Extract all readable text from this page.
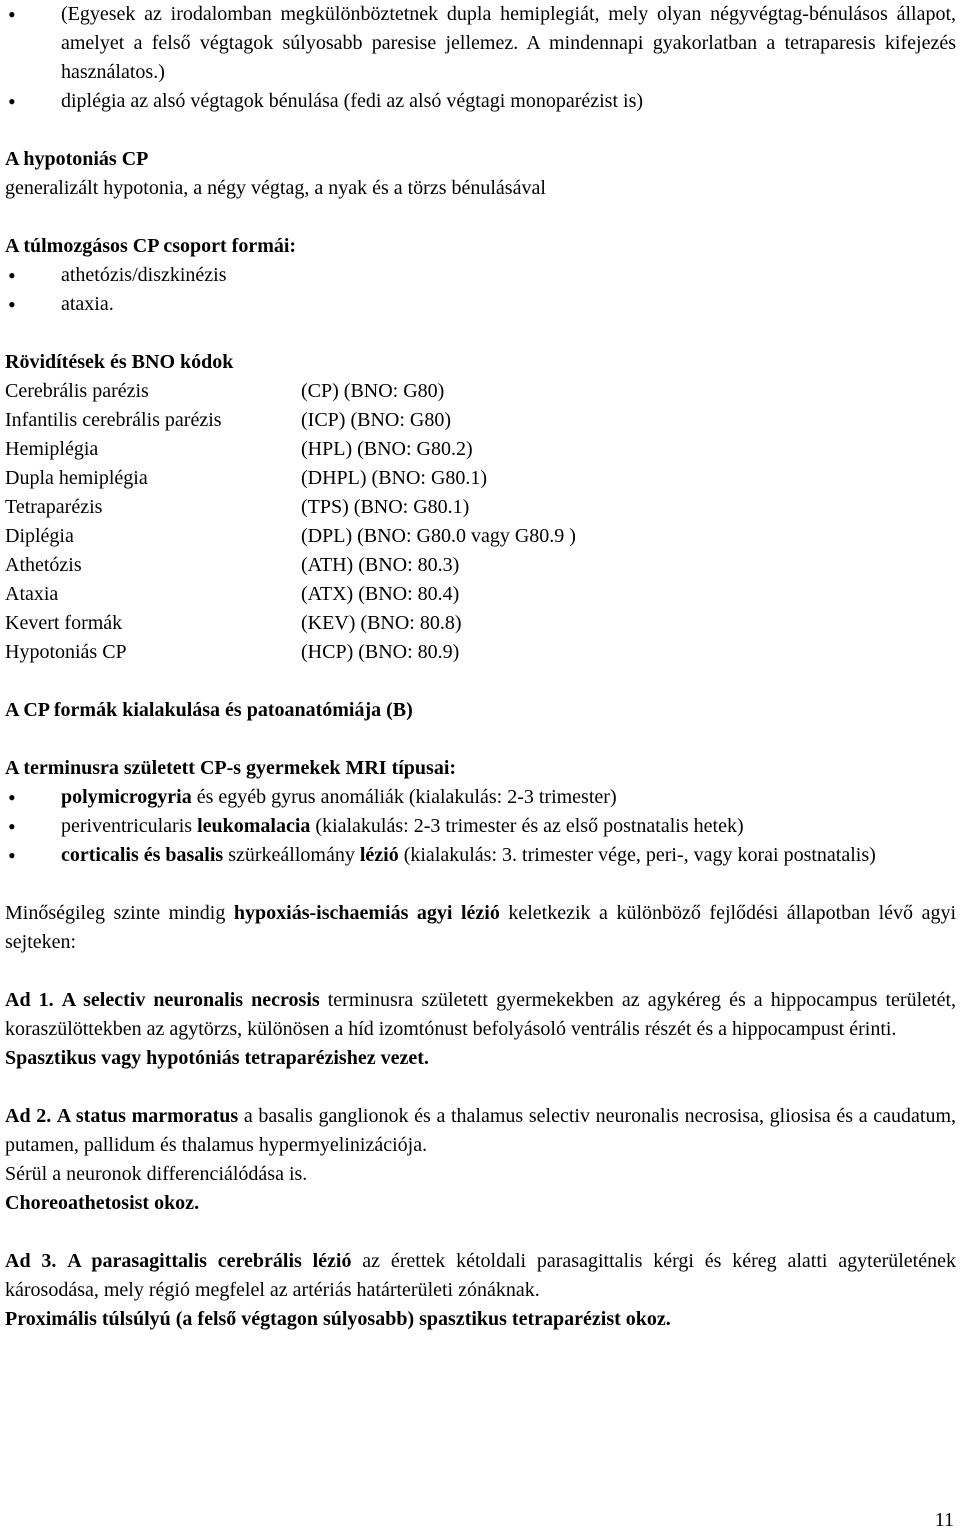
• (Egyesek az irodalomban megkülönböztetnek dupla hemiplegiát, mely olyan négyvégtag-bénulásos állapot, amelyet a felső végtagok súlyosabb paresise jellemez. A mindennapi gyakorlatban a tetraparesis kifejezés használatos.)
• diplégia az alsó végtagok bénulása (fedi az alsó végtagi monoparézist is)

A hypotoniás CP

generalizált hypotonia, a négy végtag, a nyak és a törzs bénulásával

A túlmozgásos CP csoport formái:

• athetózis/diszkinézis
• ataxia.

Rövidítések és BNO kódok

Cerebrális parézis	(CP) (BNO: G80)
Infantilis cerebrális parézis	(ICP) (BNO: G80)
Hemiplégia	(HPL) (BNO: G80.2)
Dupla hemiplégia	(DHPL) (BNO: G80.1)
Tetraparézis	(TPS) (BNO: G80.1)
Diplégia	(DPL) (BNO: G80.0 vagy G80.9 )
Athetózis	(ATH) (BNO: 80.3)
Ataxia	(ATX) (BNO: 80.4)
Kevert formák	(KEV) (BNO: 80.8)
Hypotoniás CP	(HCP) (BNO: 80.9)

A CP formák kialakulása és patoanatómiája (B)

A terminusra született CP-s gyermekek MRI típusai:

• polymicrogyria és egyéb gyrus anomáliák (kialakulás: 2-3 trimester)
• periventricularis leukomalacia (kialakulás: 2-3 trimester és az első postnatalis hetek)
• corticalis és basalis szürkeállomány lézió (kialakulás: 3. trimester vége, peri-, vagy korai postnatalis)

Minőségileg szinte mindig hypoxiás-ischaemiás agyi lézió keletkezik a különböző fejlődési állapotban lévő agyi sejteken:

Ad 1. A selectiv neuronalis necrosis terminusra született gyermekekben az agykéreg és a hippocampus területét, koraszülöttekben az agytörzs, különösen a híd izomtónust befolyásoló ventrális részét és a hippocampust érinti.

Spasztikus vagy hypotóniás tetraparézishez vezet.

Ad 2. A status marmoratus a basalis ganglionok és a thalamus selectiv neuronalis necrosisa, gliosisa és a caudatum, putamen, pallidum és thalamus hypermyelinizációja.

Sérül a neuronok differenciálódása is.

Choreoathetosist okoz.

Ad 3. A parasagittalis cerebrális lézió az érettek kétoldali parasagittalis kérgi és kéreg alatti agyterületének károsodása, mely régió megfelel az artériás határterületi zónáknak.

Proximális túlsúlyú (a felső végtagon súlyosabb) spasztikus tetraparézist okoz.

11
